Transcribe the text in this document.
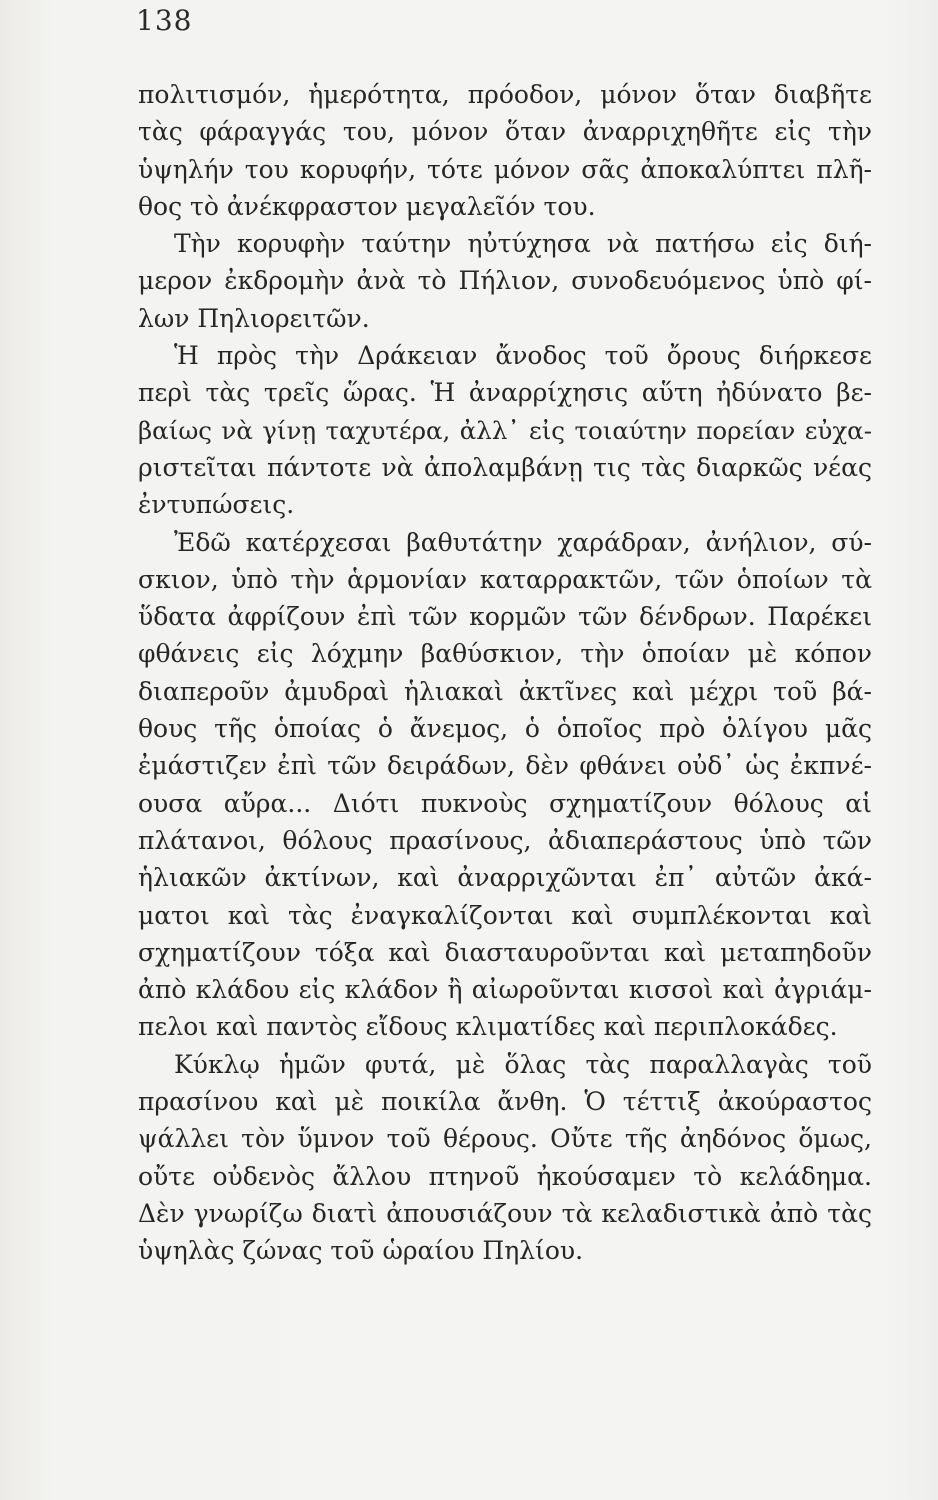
138
πολιτισμόν, ἡμερότητα, πρόοδον, μόνον ὅταν διαβῆτε
τὰς φάραγγάς του, μόνον ὅταν ἀναρριχηθῆτε εἰς τὴν
ὑψηλήν του κορυφήν, τότε μόνον σᾶς ἀποκαλύπτει πλῆ-
θος τὸ ἀνέκφραστον μεγαλεῖόν του.
Τὴν κορυφὴν ταύτην ηὐτύχησα νὰ πατήσω εἰς διή-
μερον ἐκδρομὴν ἀνὰ τὸ Πήλιον, συνοδευόμενος ὑπὸ φί-
λων Πηλιορειτῶν.
Ἡ πρὸς τὴν Δράκειαν ἄνοδος τοῦ ὄρους διήρκεσε
περὶ τὰς τρεῖς ὥρας. Ἡ ἀναρρίχησις αὕτη ἠδύνατο βε-
βαίως νὰ γίνῃ ταχυτέρα, ἀλλ᾽ εἰς τοιαύτην πορείαν εὐχα-
ριστεῖται πάντοτε νὰ ἀπολαμβάνῃ τις τὰς διαρκῶς νέας
ἐντυπώσεις.
Ἐδῶ κατέρχεσαι βαθυτάτην χαράδραν, ἀνήλιον, σύ-
σκιον, ὑπὸ τὴν ἁρμονίαν καταρρακτῶν, τῶν ὁποίων τὰ
ὕδατα ἀφρίζουν ἐπὶ τῶν κορμῶν τῶν δένδρων. Παρέκει
φθάνεις εἰς λόχμην βαθύσκιον, τὴν ὁποίαν μὲ κόπον
διαπεροῦν ἀμυδραὶ ἡλιακαὶ ἀκτῖνες καὶ μέχρι τοῦ βά-
θους τῆς ὁποίας ὁ ἄνεμος, ὁ ὁποῖος πρὸ ὀλίγου μᾶς
ἐμάστιζεν ἐπὶ τῶν δειράδων, δὲν φθάνει οὐδ᾽ ὡς ἐκπνέ-
ουσα αὔρα... Διότι πυκνοὺς σχηματίζουν θόλους αἱ
πλάτανοι, θόλους πρασίνους, ἀδιαπεράστους ὑπὸ τῶν
ἡλιακῶν ἀκτίνων, καὶ ἀναρριχῶνται ἐπ᾽ αὐτῶν ἀκά-
ματοι καὶ τὰς ἐναγκαλίζονται καὶ συμπλέκονται καὶ
σχηματίζουν τόξα καὶ διασταυροῦνται καὶ μεταπηδοῦν
ἀπὸ κλάδου εἰς κλάδον ἢ αἰωροῦνται κισσοὶ καὶ ἀγριάμ-
πελοι καὶ παντὸς εἴδους κλιματίδες καὶ περιπλοκάδες.
Κύκλῳ ἡμῶν φυτά, μὲ ὅλας τὰς παραλλαγὰς τοῦ
πρασίνου καὶ μὲ ποικίλα ἄνθη. Ὁ τέττιξ ἀκούραστος
ψάλλει τὸν ὕμνον τοῦ θέρους. Οὔτε τῆς ἀηδόνος ὅμως,
οὔτε οὐδενὸς ἄλλου πτηνοῦ ἠκούσαμεν τὸ κελάδημα.
Δὲν γνωρίζω διατὶ ἀπουσιάζουν τὰ κελαδιστικὰ ἀπὸ τὰς
ὑψηλὰς ζώνας τοῦ ὡραίου Πηλίου.
